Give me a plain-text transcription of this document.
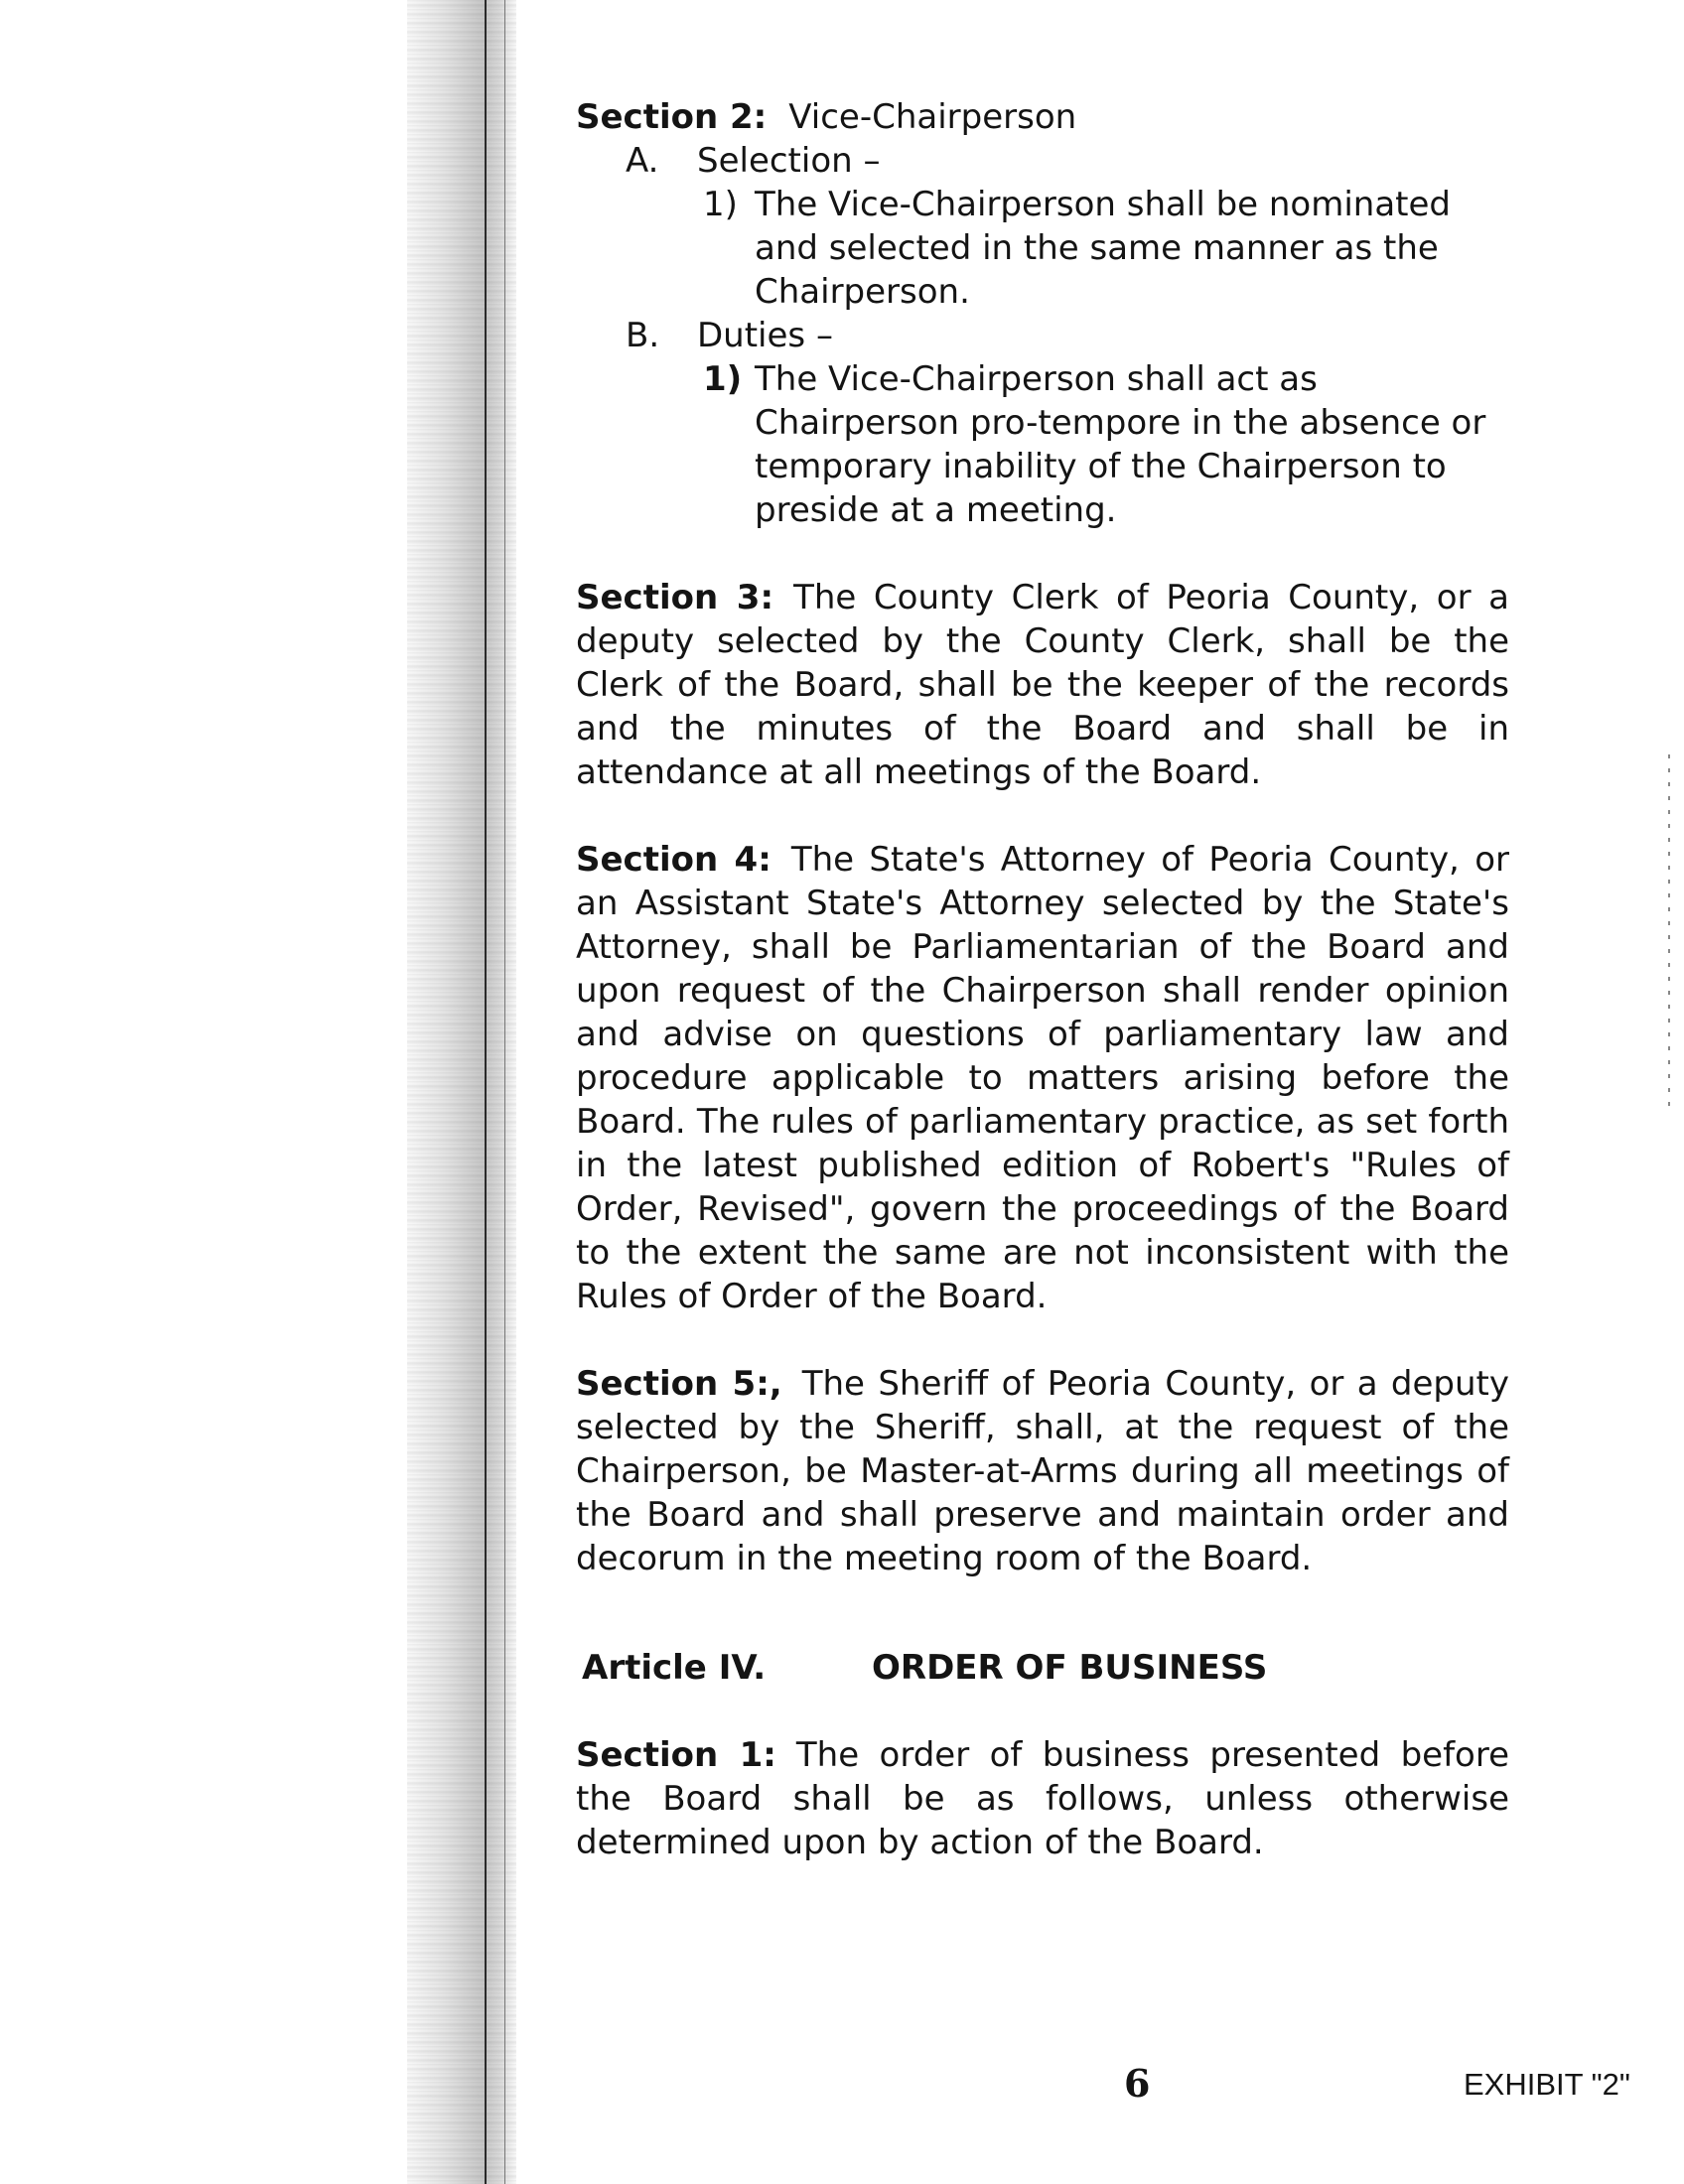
Section 2: Vice-Chairperson
A.	Selection –
1) The Vice-Chairperson shall be nominated and selected in the same manner as the Chairperson.
B.	Duties –
1) The Vice-Chairperson shall act as Chairperson pro-tempore in the absence or temporary inability of the Chairperson to preside at a meeting.

Section 3: The County Clerk of Peoria County, or a deputy selected by the County Clerk, shall be the Clerk of the Board, shall be the keeper of the records and the minutes of the Board and shall be in attendance at all meetings of the Board.

Section 4: The State's Attorney of Peoria County, or an Assistant State's Attorney selected by the State's Attorney, shall be Parliamentarian of the Board and upon request of the Chairperson shall render opinion and advise on questions of parliamentary law and procedure applicable to matters arising before the Board. The rules of parliamentary practice, as set forth in the latest published edition of Robert's "Rules of Order, Revised", govern the proceedings of the Board to the extent the same are not inconsistent with the Rules of Order of the Board.

Section 5:, The Sheriff of Peoria County, or a deputy selected by the Sheriff, shall, at the request of the Chairperson, be Master-at-Arms during all meetings of the Board and shall preserve and maintain order and decorum in the meeting room of the Board.

Article IV.	ORDER OF BUSINESS

Section 1: The order of business presented before the Board shall be as follows, unless otherwise determined upon by action of the Board.

6	EXHIBIT "2"
